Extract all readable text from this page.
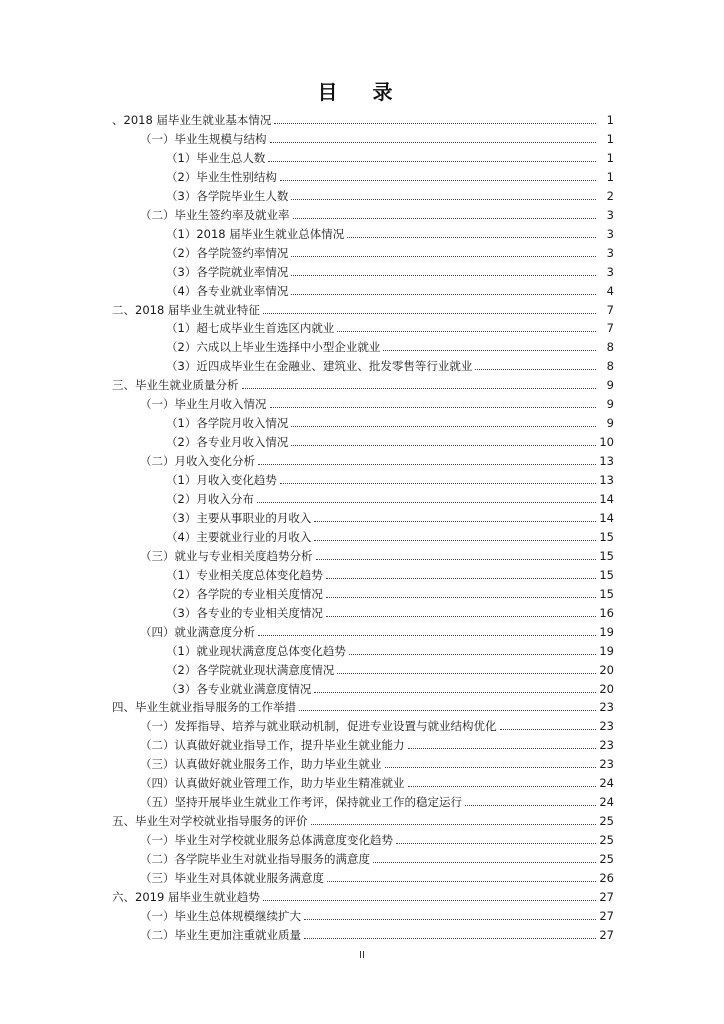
目 录
、2018 届毕业生就业基本情况	1
（一）毕业生规模与结构	1
（1）毕业生总人数	1
（2）毕业生性别结构	1
（3）各学院毕业生人数	2
（二）毕业生签约率及就业率	3
（1）2018 届毕业生就业总体情况	3
（2）各学院签约率情况	3
（3）各学院就业率情况	3
（4）各专业就业率情况	4
二、2018 届毕业生就业特征	7
（1）超七成毕业生首选区内就业	7
（2）六成以上毕业生选择中小型企业就业	8
（3）近四成毕业生在金融业、建筑业、批发零售等行业就业	8
三、毕业生就业质量分析	9
（一）毕业生月收入情况	9
（1）各学院月收入情况	9
（2）各专业月收入情况	10
（二）月收入变化分析	13
（1）月收入变化趋势	13
（2）月收入分布	14
（3）主要从事职业的月收入	14
（4）主要就业行业的月收入	15
（三）就业与专业相关度趋势分析	15
（1）专业相关度总体变化趋势	15
（2）各学院的专业相关度情况	15
（3）各专业的专业相关度情况	16
（四）就业满意度分析	19
（1）就业现状满意度总体变化趋势	19
（2）各学院就业现状满意度情况	20
（3）各专业就业满意度情况	20
四、毕业生就业指导服务的工作举措	23
（一）发挥指导、培养与就业联动机制，促进专业设置与就业结构优化	23
（二）认真做好就业指导工作，提升毕业生就业能力	23
（三）认真做好就业服务工作，助力毕业生就业	23
（四）认真做好就业管理工作，助力毕业生精准就业	24
（五）坚持开展毕业生就业工作考评，保持就业工作的稳定运行	24
五、毕业生对学校就业指导服务的评价	25
（一）毕业生对学校就业服务总体满意度变化趋势	25
（二）各学院毕业生对就业指导服务的满意度	25
（三）毕业生对具体就业服务满意度	26
六、2019 届毕业生就业趋势	27
（一）毕业生总体规模继续扩大	27
（二）毕业生更加注重就业质量	27
II
